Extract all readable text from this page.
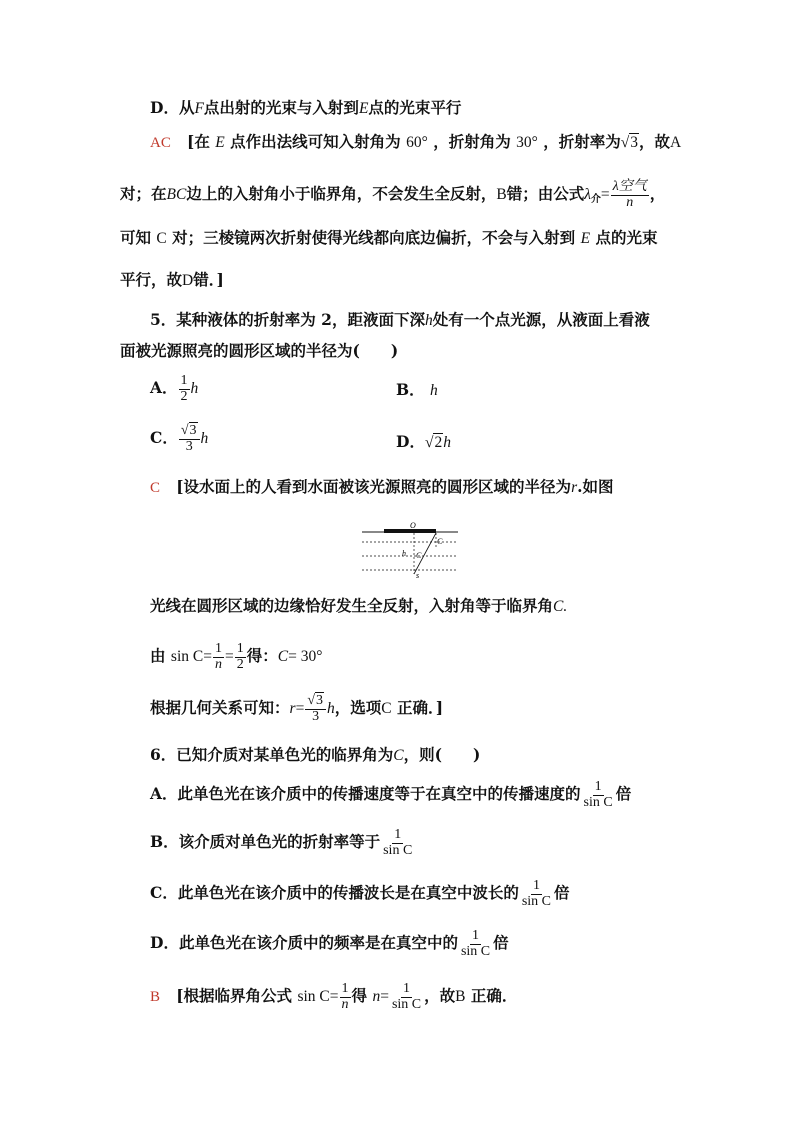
D．从F点出射的光束与入射到E点的光束平行
AC [在 E 点作出法线可知入射角为 60° ，折射角为 30° ，折射率为√3，故A
对；在BC边上的入射角小于临界角，不会发生全反射，B错；由公式$\lambda_介= \frac{\text{λ空气}}{n}$ ，
可知 C 对；三棱镜两次折射使得光线都向底边偏折，不会与入射到 E 点的光束
平行，故D错．]
5．某种液体的折射率为 2，距液面下深h处有一个点光源，从液面上看液
面被光源照亮的圆形区域的半径为(　　)
A． $\frac{1}{2}$ h	B． h
C． $\frac{√3}{3}$ h	D．√2h
C [设水面上的人看到水面被该光源照亮的圆形区域的半径为r.如图
O
C
h C
s
光线在圆形区域的边缘恰好发生全反射，入射角等于临界角C.
由 $\sin C= \frac{1}{n} = \frac{1}{2}$ 得：C= 30°
根据几何关系可知：$r= \frac{√3}{3}$ h，选项C 正确．]
6．已知介质对某单色光的临界角为C，则(　　)
A．此单色光在该介质中的传播速度等于在真空中的传播速度的 $\frac{1}{\text{sin C}}$ 倍
B．该介质对单色光的折射率等于 $\frac{1}{\text{sin C}}$
C．此单色光在该介质中的传播波长是在真空中波长的 $\frac{1}{\text{sin C}}$ 倍
D．此单色光在该介质中的频率是在真空中的 $\frac{1}{\text{sin C}}$ 倍
B [根据临界角公式 $\sin C= \frac{1}{n}$ 得 $n= \frac{1}{\text{sin C}}$ ，故B 正确．
